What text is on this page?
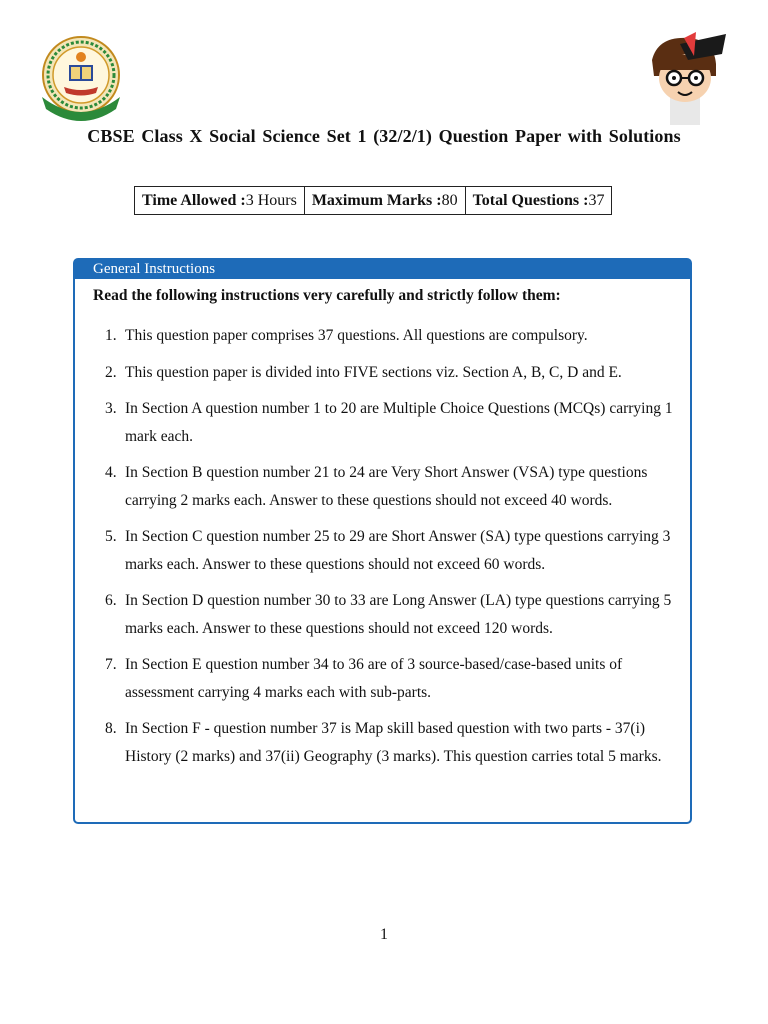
CBSE Class X Social Science Set 1 (32/2/1) Question Paper with Solutions
Time Allowed :3 Hours	Maximum Marks :80	Total Questions :37
General Instructions
Read the following instructions very carefully and strictly follow them:
1. This question paper comprises 37 questions. All questions are compulsory.
2. This question paper is divided into FIVE sections viz. Section A, B, C, D and E.
3. In Section A question number 1 to 20 are Multiple Choice Questions (MCQs) carrying 1 mark each.
4. In Section B question number 21 to 24 are Very Short Answer (VSA) type questions carrying 2 marks each. Answer to these questions should not exceed 40 words.
5. In Section C question number 25 to 29 are Short Answer (SA) type questions carrying 3 marks each. Answer to these questions should not exceed 60 words.
6. In Section D question number 30 to 33 are Long Answer (LA) type questions carrying 5 marks each. Answer to these questions should not exceed 120 words.
7. In Section E question number 34 to 36 are of 3 source-based/case-based units of assessment carrying 4 marks each with sub-parts.
8. In Section F - question number 37 is Map skill based question with two parts - 37(i) History (2 marks) and 37(ii) Geography (3 marks). This question carries total 5 marks.
1
